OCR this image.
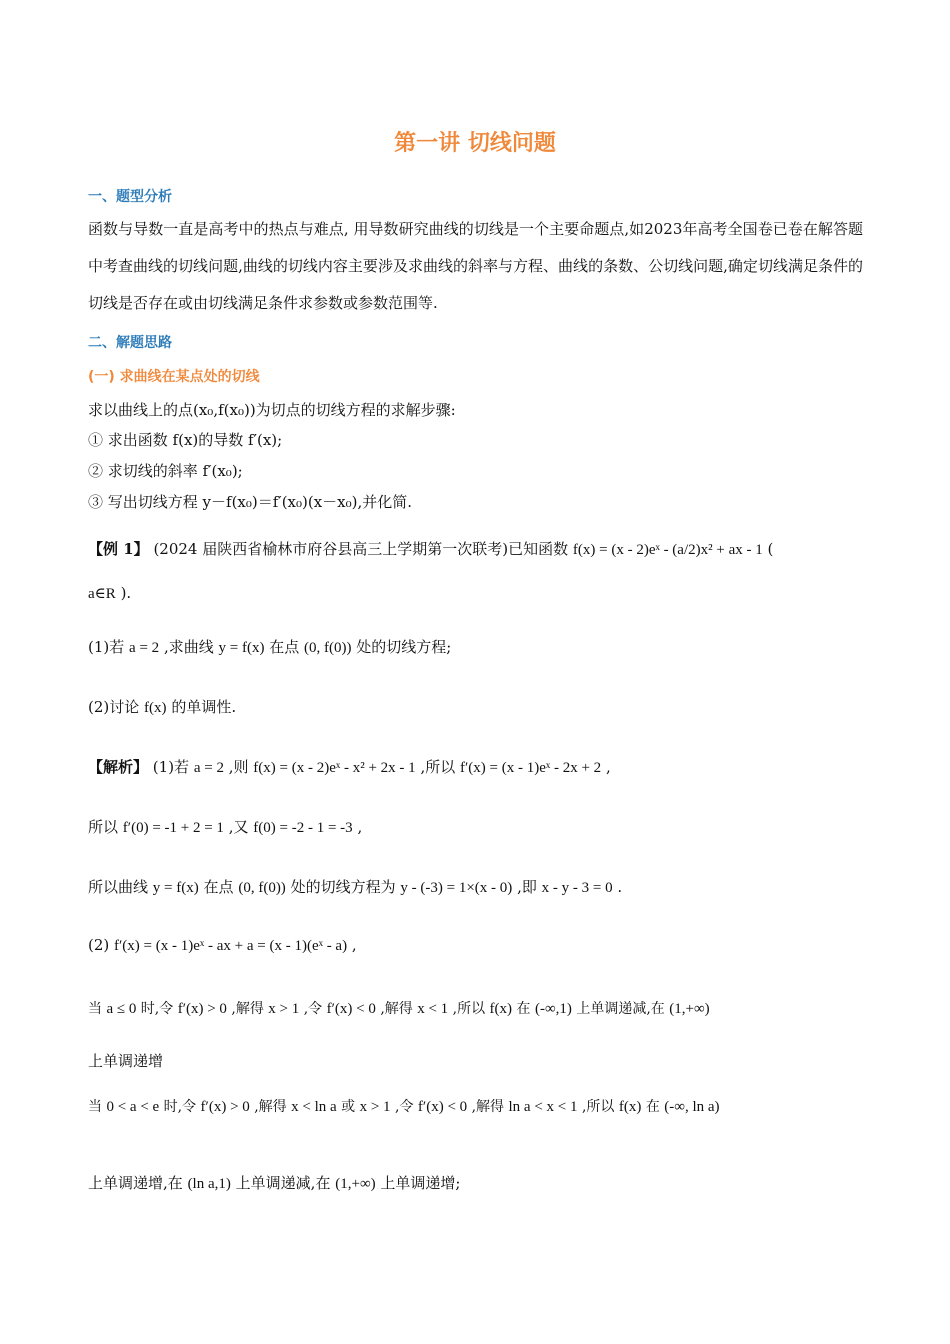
第一讲 切线问题
一、题型分析
函数与导数一直是高考中的热点与难点, 用导数研究曲线的切线是一个主要命题点,如2023年高考全国卷已卷在解答题中考查曲线的切线问题,曲线的切线内容主要涉及求曲线的斜率与方程、曲线的条数、公切线问题,确定切线满足条件的切线是否存在或由切线满足条件求参数或参数范围等.
二、解题思路
(一) 求曲线在某点处的切线
求以曲线上的点(x₀,f(x₀))为切点的切线方程的求解步骤:
① 求出函数 f(x)的导数 f′(x);
② 求切线的斜率 f′(x₀);
③ 写出切线方程 y－f(x₀)＝f′(x₀)(x－x₀),并化简.
【例 1】 (2024 届陕西省榆林市府谷县高三上学期第一次联考)已知函数 f(x) = (x - 2)eˣ - (a/2)x² + ax - 1 (
a∈R ).
(1)若 a = 2 ,求曲线 y = f(x) 在点 (0, f(0)) 处的切线方程;
(2)讨论 f(x) 的单调性.
【解析】 (1)若 a = 2 ,则 f(x) = (x - 2)eˣ - x² + 2x - 1 ,所以 f′(x) = (x - 1)eˣ - 2x + 2 ,
所以 f′(0) = -1 + 2 = 1 ,又 f(0) = -2 - 1 = -3 ,
所以曲线 y = f(x) 在点 (0, f(0)) 处的切线方程为 y - (-3) = 1×(x - 0) ,即 x - y - 3 = 0 .
(2) f′(x) = (x - 1)eˣ - ax + a = (x - 1)(eˣ - a) ,
当 a ≤ 0 时,令 f′(x) > 0 ,解得 x > 1 ,令 f′(x) < 0 ,解得 x < 1 ,所以 f(x) 在 (-∞,1) 上单调递减,在 (1,+∞)
上单调递增
当 0 < a < e 时,令 f′(x) > 0 ,解得 x < ln a 或 x > 1 ,令 f′(x) < 0 ,解得 ln a < x < 1 ,所以 f(x) 在 (-∞, ln a)
上单调递增,在 (ln a,1) 上单调递减,在 (1,+∞) 上单调递增;
